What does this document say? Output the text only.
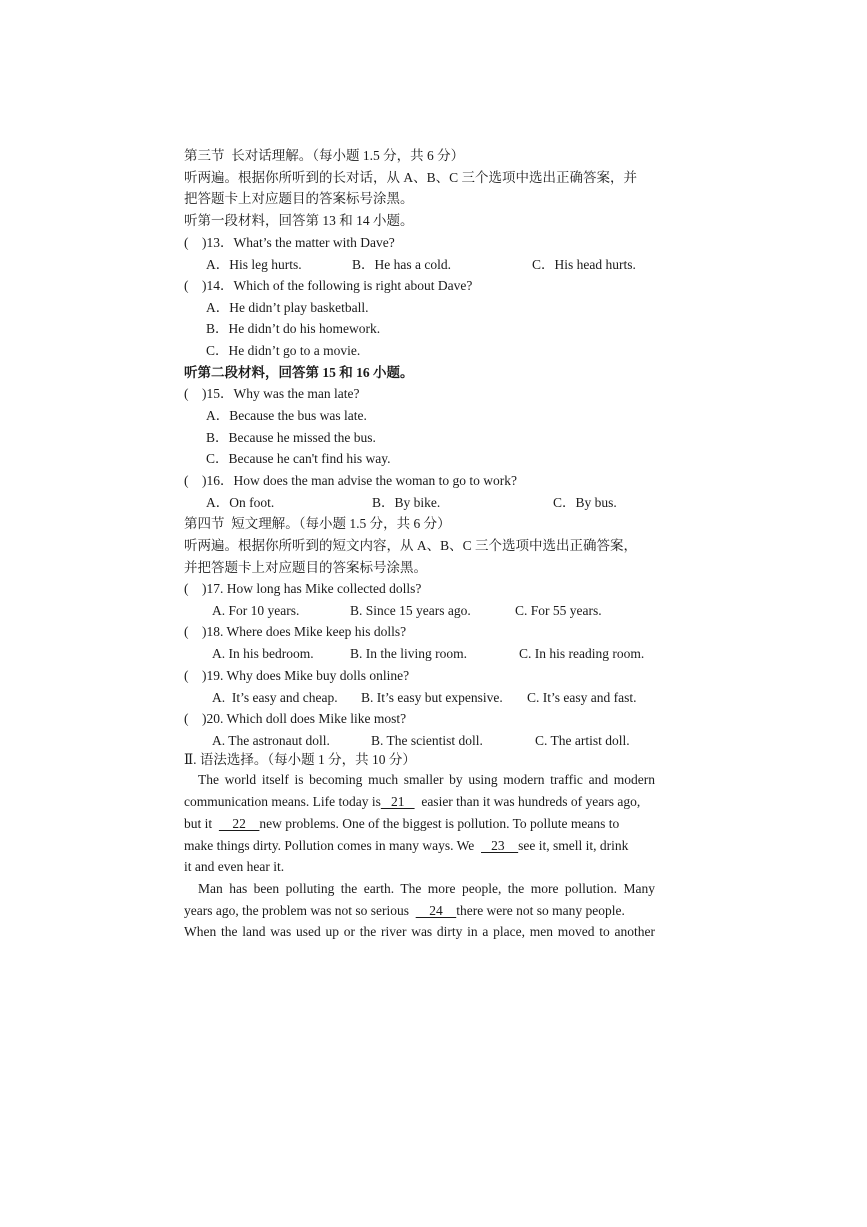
第三节  长对话理解。（每小题 1.5 分，共 6 分）
听两遍。根据你所听到的长对话，从 A、B、C 三个选项中选出正确答案，并
把答题卡上对应题目的答案标号涂黑。
听第一段材料，回答第 13 和 14 小题。
(    )13．What’s the matter with Dave?
A．His leg hurts.	B．He has a cold.	C．His head hurts.
(    )14．Which of the following is right about Dave?
A．He didn’t play basketball.
B．He didn’t do his homework.
C．He didn’t go to a movie.
听第二段材料，回答第 15 和 16 小题。
(    )15．Why was the man late?
A．Because the bus was late.
B．Because he missed the bus.
C．Because he can't find his way.
(    )16．How does the man advise the woman to go to work?
A．On foot.	B．By bike.	C．By bus.
第四节  短文理解。（每小题 1.5 分，共 6 分）
听两遍。根据你所听到的短文内容，从 A、B、C 三个选项中选出正确答案，
并把答题卡上对应题目的答案标号涂黑。
(    )17. How long has Mike collected dolls?
A. For 10 years.	B. Since 15 years ago.	C. For 55 years.
(    )18. Where does Mike keep his dolls?
A. In his bedroom.	B. In the living room.	C. In his reading room.
(    )19. Why does Mike buy dolls online?
A.  It’s easy and cheap. B. It’s easy but expensive. C. It’s easy and fast.
(    )20. Which doll does Mike like most?
A. The astronaut doll.	B. The scientist doll.	C. The artist doll.
Ⅱ. 语法选择。（每小题 1 分，共 10 分）
The world itself is becoming much smaller by using modern traffic and modern
communication means. Life today is   21     easier than it was hundreds of years ago,
but it      22    new problems. One of the biggest is pollution. To pollute means to
make things dirty. Pollution comes in many ways. We     23    see it, smell it, drink
it and even hear it.
Man has been polluting the earth. The more people, the more pollution. Many
years ago, the problem was not so serious      24    there were not so many people.
When the land was used up or the river was dirty in a place, men moved to another
